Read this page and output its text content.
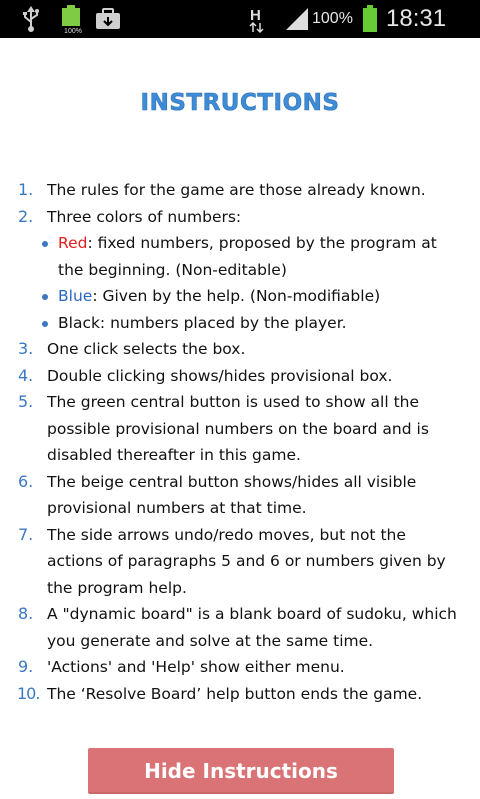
100%
H	100% 18:31
INSTRUCTIONS
1. The rules for the game are those already known.
2. Three colors of numbers:
Red: fixed numbers, proposed by the program at the beginning. (Non-editable)
Blue: Given by the help. (Non-modifiable)
Black: numbers placed by the player.
3. One click selects the box.
4. Double clicking shows/hides provisional box.
5. The green central button is used to show all the possible provisional numbers on the board and is disabled thereafter in this game.
6. The beige central button shows/hides all visible provisional numbers at that time.
7. The side arrows undo/redo moves, but not the actions of paragraphs 5 and 6 or numbers given by the program help.
8. A "dynamic board" is a blank board of sudoku, which you generate and solve at the same time.
9. 'Actions' and 'Help' show either menu.
10. The ‘Resolve Board’ help button ends the game.
Hide Instructions
